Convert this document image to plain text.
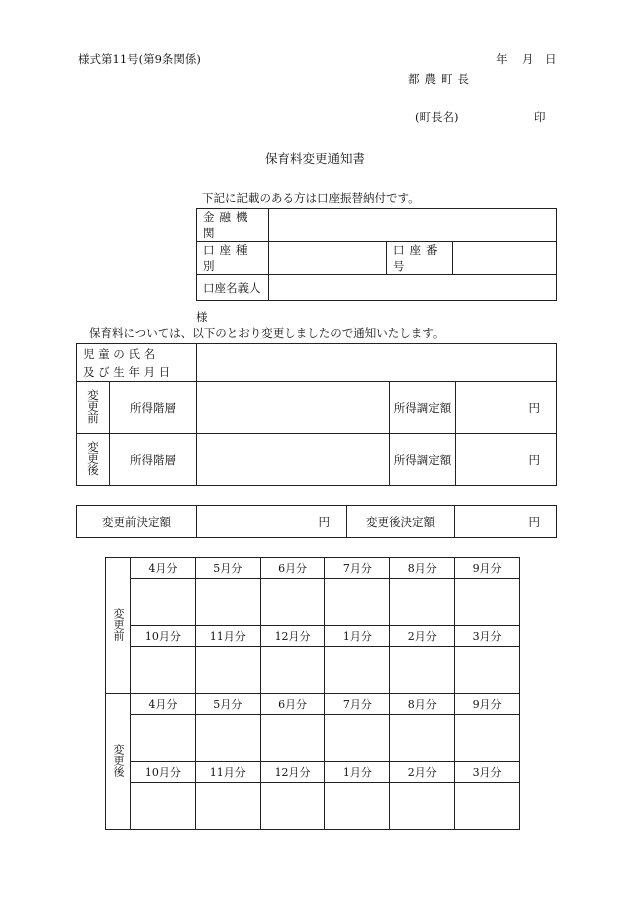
様式第11号(第9条関係)	年 月 日
都農町長
(町長名)	印
保育料変更通知書
下記に記載のある方は口座振替納付です。
金融機関			
口座種別		口座番号	
口座名義人			
様
保育料については、以下のとおり変更しましたので通知いたします。
児 童 の 氏 名
及 び 生 年 月 日				

変更前	所得階層		所得調定額	円
変更後	所得階層		所得調定額	円
変更前決定額	円	変更後決定額	円
変更前	4月分	5月分	6月分	7月分	8月分	9月分

	10月分	11月分	12月分	1月分	2月分	3月分

変更後	4月分	5月分	6月分	7月分	8月分	9月分

	10月分	11月分	12月分	1月分	2月分	3月分
